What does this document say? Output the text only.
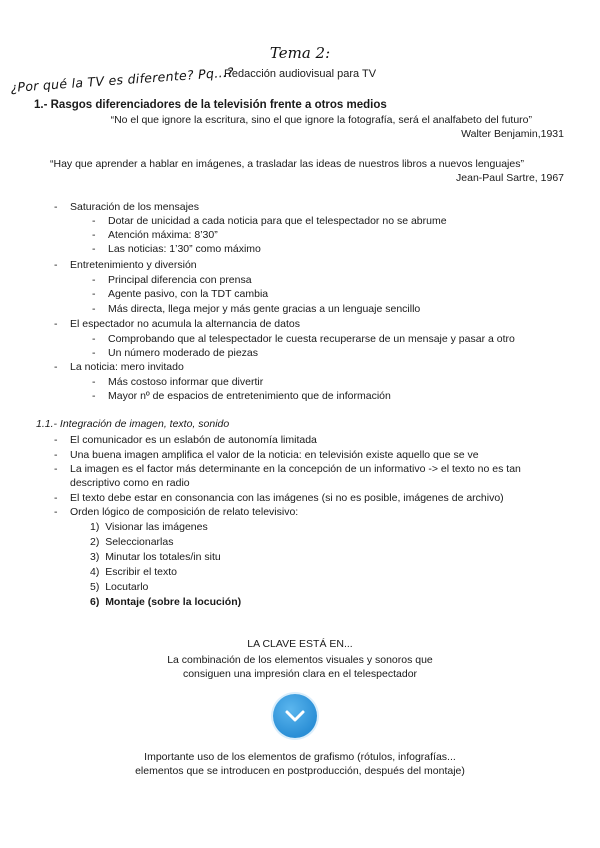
Tema 2:
Redacción audiovisual para TV
¿Por qué la TV es diferente? Pq...?
1.- Rasgos diferenciadores de la televisión frente a otros medios
“No el que ignore la escritura, sino el que ignore la fotografía, será el analfabeto del futuro”
Walter Benjamin,1931
“Hay que aprender a hablar en imágenes, a trasladar las ideas de nuestros libros a nuevos lenguajes”
Jean-Paul Sartre, 1967
- Saturación de los mensajes
- Dotar de unicidad a cada noticia para que el telespectador no se abrume
- Atención máxima: 8’30”
- Las noticias: 1’30” como máximo
- Entretenimiento y diversión
- Principal diferencia con prensa
- Agente pasivo, con la TDT cambia
- Más directa, llega mejor y más gente gracias a un lenguaje sencillo
- El espectador no acumula la alternancia de datos
- Comprobando que al telespectador le cuesta recuperarse de un mensaje y pasar a otro
- Un número moderado de piezas
- La noticia: mero invitado
- Más costoso informar que divertir
- Mayor nº de espacios de entretenimiento que de información
1.1.- Integración de imagen, texto, sonido
- El comunicador es un eslabón de autonomía limitada
- Una buena imagen amplifica el valor de la noticia: en televisión existe aquello que se ve
- La imagen es el factor más determinante en la concepción de un informativo -> el texto no es tan
descriptivo como en radio
- El texto debe estar en consonancia con las imágenes (si no es posible, imágenes de archivo)
- Orden lógico de composición de relato televisivo:
1) Visionar las imágenes
2) Seleccionarlas
3) Minutar los totales/in situ
4) Escribir el texto
5) Locutarlo
6) Montaje (sobre la locución)
LA CLAVE ESTÁ EN...
La combinación de los elementos visuales y sonoros que
consiguen una impresión clara en el telespectador
Importante uso de los elementos de grafismo (rótulos, infografías...
elementos que se introducen en postproducción, después del montaje)
